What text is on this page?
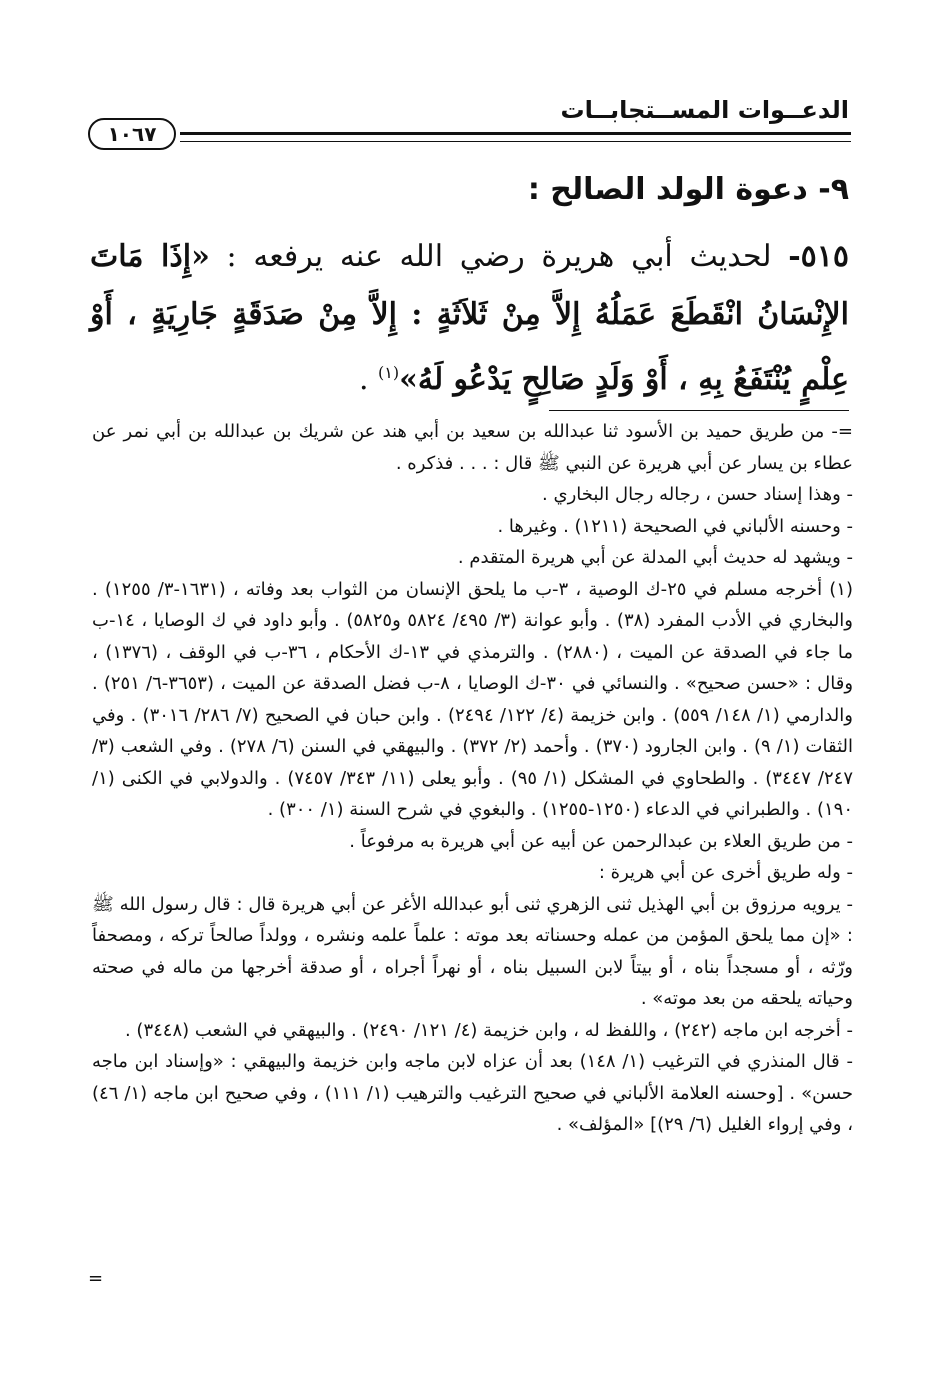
الدعــوات المســتجابــات
١٠٦٧
٩- دعوة الولد الصالح :
٥١٥- لحديث أبي هريرة رضي الله عنه يرفعه : «إِذَا مَاتَ الإِنْسَانُ انْقَطَعَ عَمَلُهُ إِلاَّ مِنْ ثَلاَثَةٍ : إِلاَّ مِنْ صَدَقَةٍ جَارِيَةٍ ، أَوْ عِلْمٍ يُنْتَفَعُ بِهِ ، أَوْ وَلَدٍ صَالِحٍ يَدْعُو لَهُ»$^{(١)}$ .

=- من طريق حميد بن الأسود ثنا عبدالله بن سعيد بن أبي هند عن شريك بن عبدالله بن أبي نمر عن عطاء بن يسار عن أبي هريرة عن النبي ﷺ قال : . . . فذكره .

- وهذا إسناد حسن ، رجاله رجال البخاري .

- وحسنه الألباني في الصحيحة (١٢١١) . وغيرها .

- ويشهد له حديث أبي المدلة عن أبي هريرة المتقدم .

(١) أخرجه مسلم في ٢٥-ك الوصية ، ٣-ب ما يلحق الإنسان من الثواب بعد وفاته ، (١٦٣١-٣/ ١٢٥٥) . والبخاري في الأدب المفرد (٣٨) . وأبو عوانة (٣/ ٤٩٥/ ٥٨٢٤ و٥٨٢٥) . وأبو داود في ك الوصايا ، ١٤-ب ما جاء في الصدقة عن الميت ، (٢٨٨٠) . والترمذي في ١٣-ك الأحكام ، ٣٦-ب في الوقف ، (١٣٧٦) ، وقال : «حسن صحيح» . والنسائي في ٣٠-ك الوصايا ، ٨-ب فضل الصدقة عن الميت ، (٣٦٥٣-٦/ ٢٥١) . والدارمي (١/ ١٤٨/ ٥٥٩) . وابن خزيمة (٤/ ١٢٢/ ٢٤٩٤) . وابن حبان في الصحيح (٧/ ٢٨٦/ ٣٠١٦) . وفي الثقات (١/ ٩) . وابن الجارود (٣٧٠) . وأحمد (٢/ ٣٧٢) . والبيهقي في السنن (٦/ ٢٧٨) . وفي الشعب (٣/ ٢٤٧/ ٣٤٤٧) . والطحاوي في المشكل (١/ ٩٥) . وأبو يعلى (١١/ ٣٤٣/ ٧٤٥٧) . والدولابي في الكنى (١/ ١٩٠) . والطبراني في الدعاء (١٢٥٠-١٢٥٥) . والبغوي في شرح السنة (١/ ٣٠٠) .

- من طريق العلاء بن عبدالرحمن عن أبيه عن أبي هريرة به مرفوعاً .

- وله طريق أخرى عن أبي هريرة :

- يرويه مرزوق بن أبي الهذيل ثنى الزهري ثنى أبو عبدالله الأغر عن أبي هريرة قال : قال رسول الله ﷺ : «إن مما يلحق المؤمن من عمله وحسناته بعد موته : علماً علمه ونشره ، وولداً صالحاً تركه ، ومصحفاً ورّثه ، أو مسجداً بناه ، أو بيتاً لابن السبيل بناه ، أو نهراً أجراه ، أو صدقة أخرجها من ماله في صحته وحياته يلحقه من بعد موته» .

- أخرجه ابن ماجه (٢٤٢) ، واللفظ له ، وابن خزيمة (٤/ ١٢١/ ٢٤٩٠) . والبيهقي في الشعب (٣٤٤٨) .

- قال المنذري في الترغيب (١/ ١٤٨) بعد أن عزاه لابن ماجه وابن خزيمة والبيهقي : «وإسناد ابن ماجه حسن» . [وحسنه العلامة الألباني في صحيح الترغيب والترهيب (١/ ١١١) ، وفي صحيح ابن ماجه (١/ ٤٦) ، وفي إرواء الغليل (٦/ ٢٩)] «المؤلف» .

=
